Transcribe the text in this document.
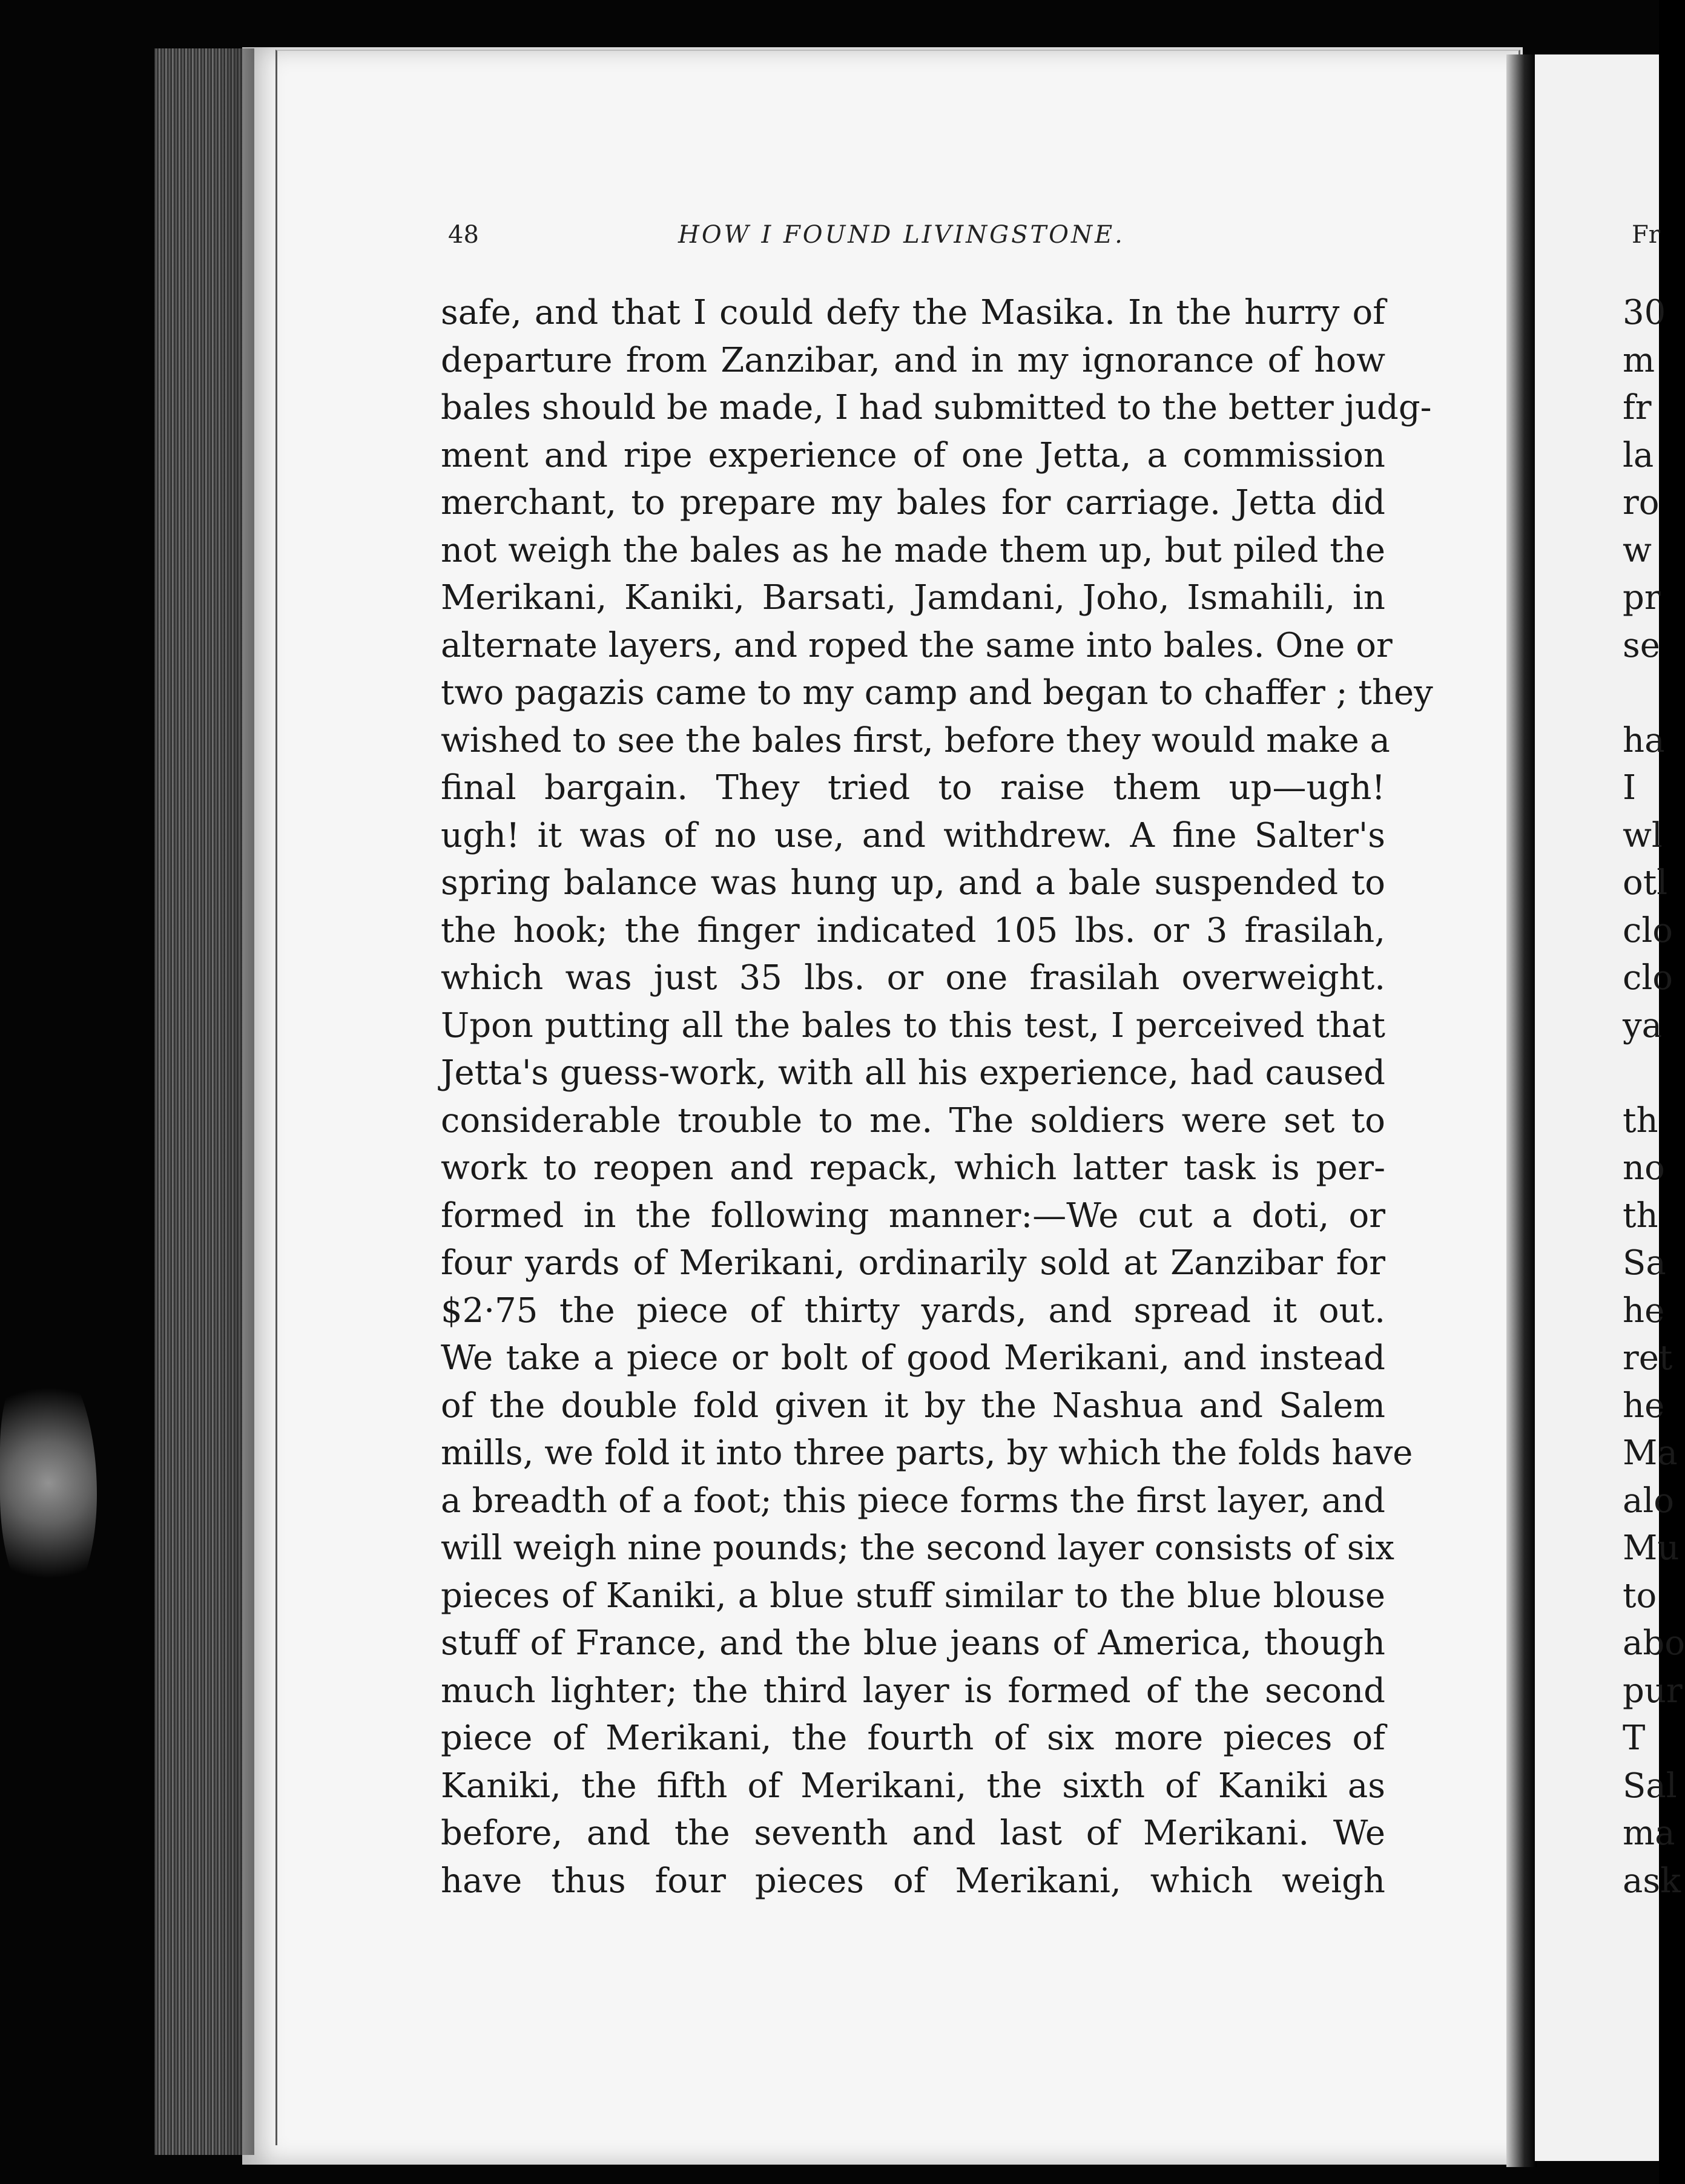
48	HOW I FOUND LIVINGSTONE.
safe, and that I could defy the Masika. In the hurry of
departure from Zanzibar, and in my ignorance of how
bales should be made, I had submitted to the better judg-
ment and ripe experience of one Jetta, a commission
merchant, to prepare my bales for carriage. Jetta did
not weigh the bales as he made them up, but piled the
Merikani, Kaniki, Barsati, Jamdani, Joho, Ismahili, in
alternate layers, and roped the same into bales. One or
two pagazis came to my camp and began to chaffer ; they
wished to see the bales first, before they would make a
final bargain. They tried to raise them up—ugh!
ugh! it was of no use, and withdrew. A fine Salter's
spring balance was hung up, and a bale suspended to
the hook; the finger indicated 105 lbs. or 3 frasilah,
which was just 35 lbs. or one frasilah overweight.
Upon putting all the bales to this test, I perceived that
Jetta's guess-work, with all his experience, had caused
considerable trouble to me. The soldiers were set to
work to reopen and repack, which latter task is per-
formed in the following manner:—We cut a doti, or
four yards of Merikani, ordinarily sold at Zanzibar for
$2·75 the piece of thirty yards, and spread it out.
We take a piece or bolt of good Merikani, and instead
of the double fold given it by the Nashua and Salem
mills, we fold it into three parts, by which the folds have
a breadth of a foot; this piece forms the first layer, and
will weigh nine pounds; the second layer consists of six
pieces of Kaniki, a blue stuff similar to the blue blouse
stuff of France, and the blue jeans of America, though
much lighter; the third layer is formed of the second
piece of Merikani, the fourth of six more pieces of
Kaniki, the fifth of Merikani, the sixth of Kaniki as
before, and the seventh and last of Merikani. We
have thus four pieces of Merikani, which weigh
Fr
30
m
fr
la
ro
w
pr
se
ha
I
wl
otl
clo
clo
ya
th
no
th
Sa
he
ret
he
Ma
alo
Mu
to
abo
pur
T
Sal
ma
ask
